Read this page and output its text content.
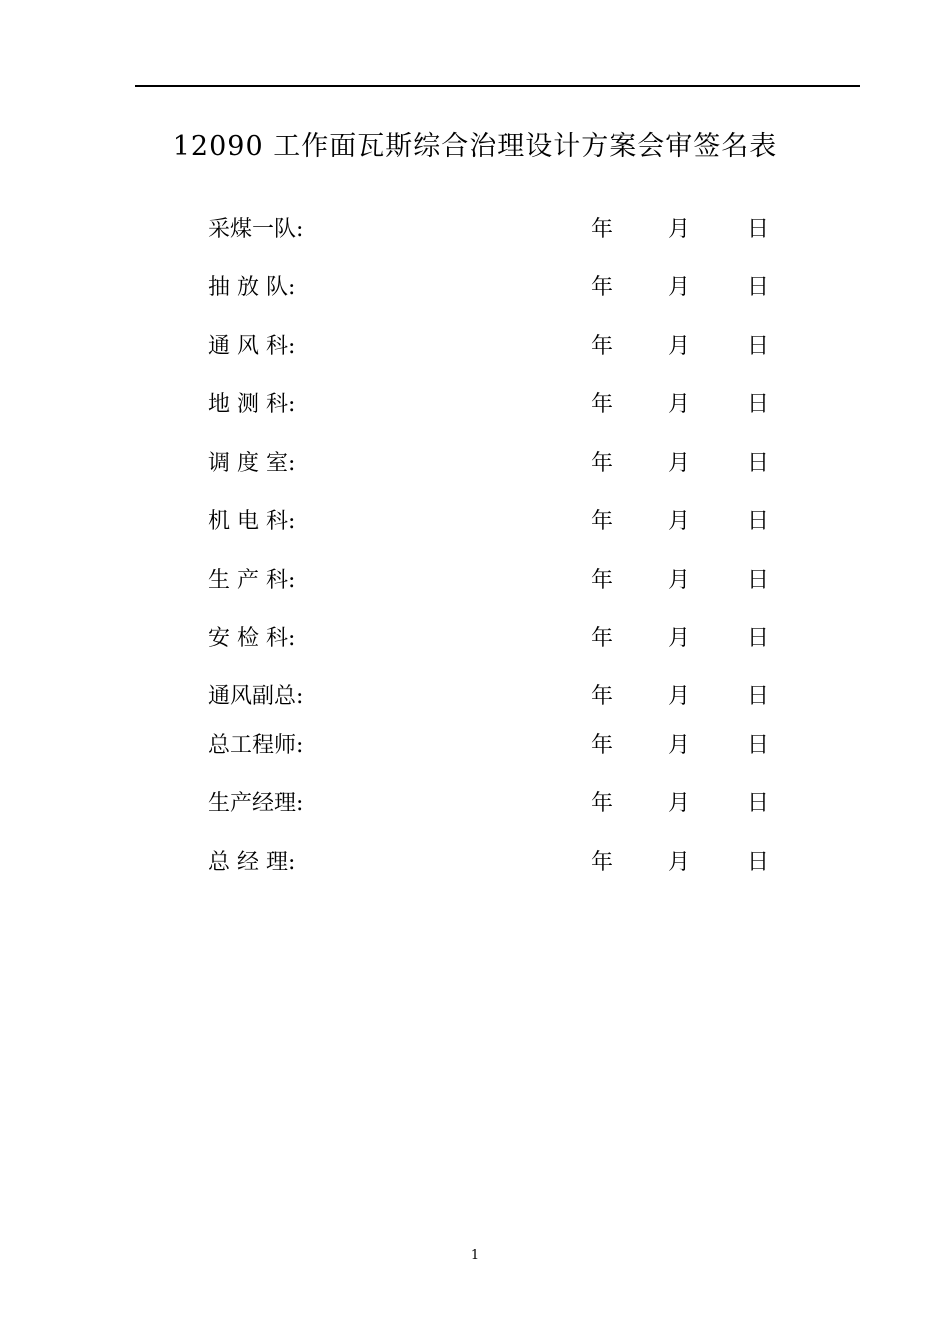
12090 工作面瓦斯综合治理设计方案会审签名表
采煤一队:	年 月	日
抽 放 队:	年 月	日
通 风 科:	年 月	日
地 测 科:	年 月	日
调 度 室:	年 月	日
机 电 科:	年 月	日
生 产 科:	年 月	日
安 检 科:	年 月	日
通风副总:	年 月	日
总工程师:	年 月	日
生产经理:	年 月	日
总 经 理:	年 月	日
1
